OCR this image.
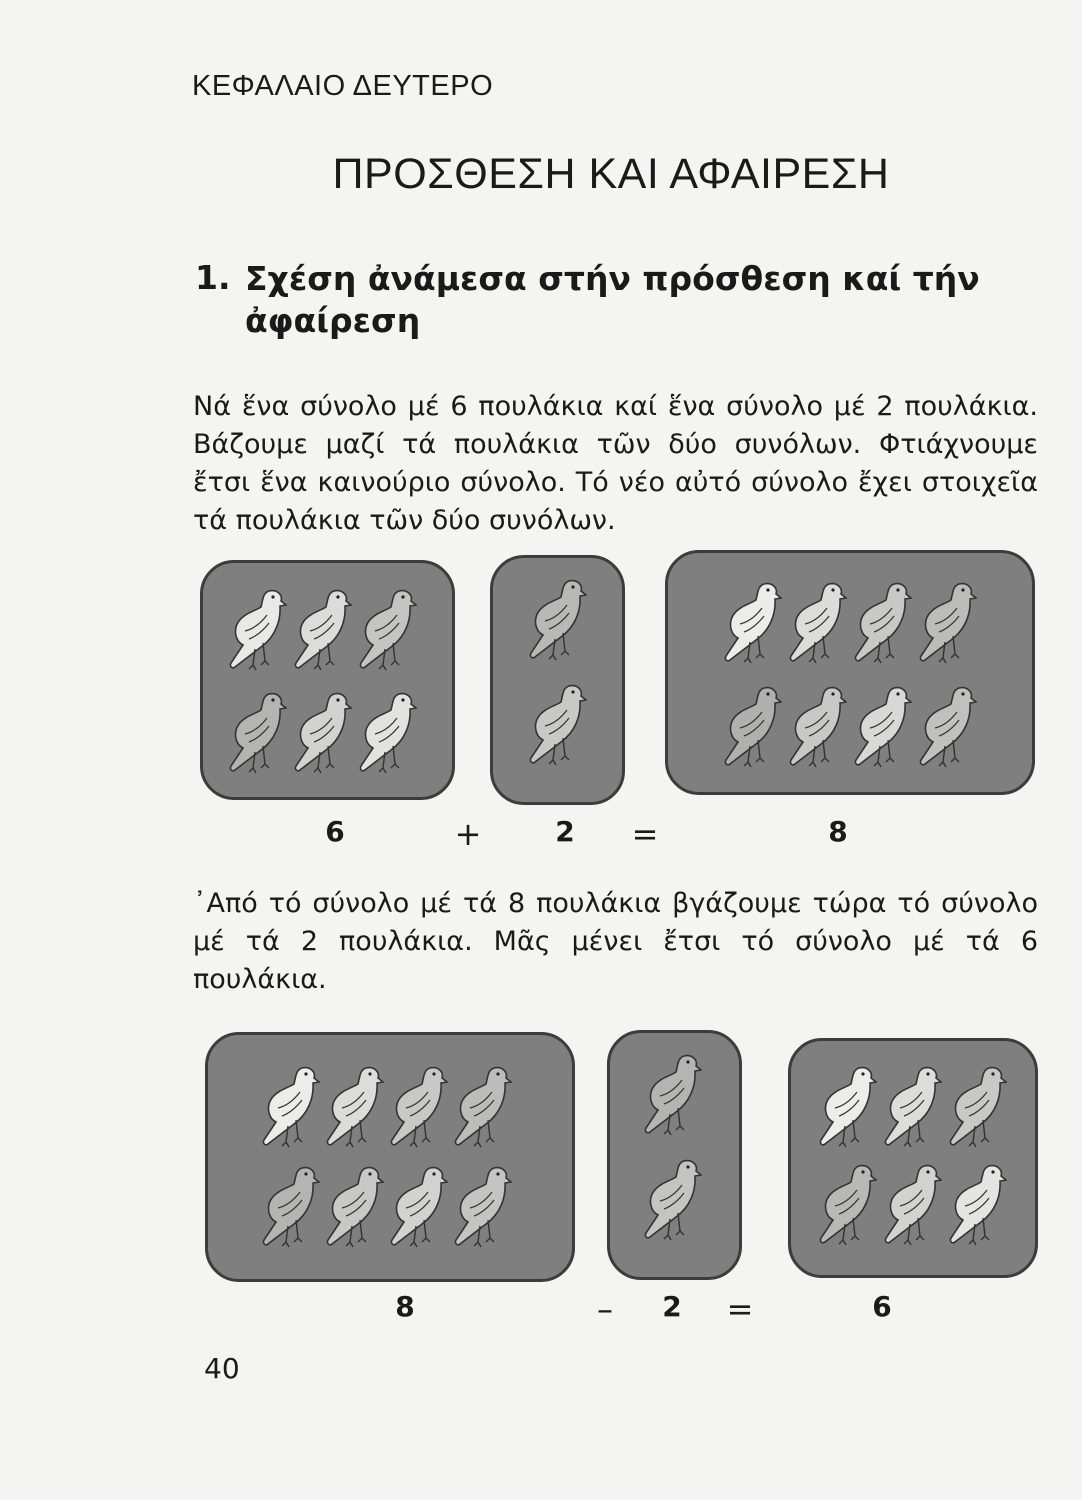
ΚΕΦΑΛΑΙΟ ΔΕΥΤΕΡΟ
ΠΡΟΣΘΕΣΗ ΚΑΙ ΑΦΑΙΡΕΣΗ
1. Σχέση ἀνάμεσα στήν πρόσθεση καί τήν ἀφαίρεση
Νά ἕνα σύνολο μέ 6 πουλάκια καί ἕνα σύνολο μέ 2 πουλάκια. Βάζουμε μαζί τά πουλάκια τῶν δύο συνόλων. Φτιάχνουμε ἔτσι ἕνα καινούριο σύνολο. Τό νέο αὐτό σύνολο ἔχει στοιχεῖα τά πουλάκια τῶν δύο συνόλων.
6	+	2	=	8
᾿Από τό σύνολο μέ τά 8 πουλάκια βγάζουμε τώρα τό σύνολο μέ τά 2 πουλάκια. Μᾶς μένει ἔτσι τό σύνολο μέ τά 6 πουλάκια.
8	–	2	=	6
40
